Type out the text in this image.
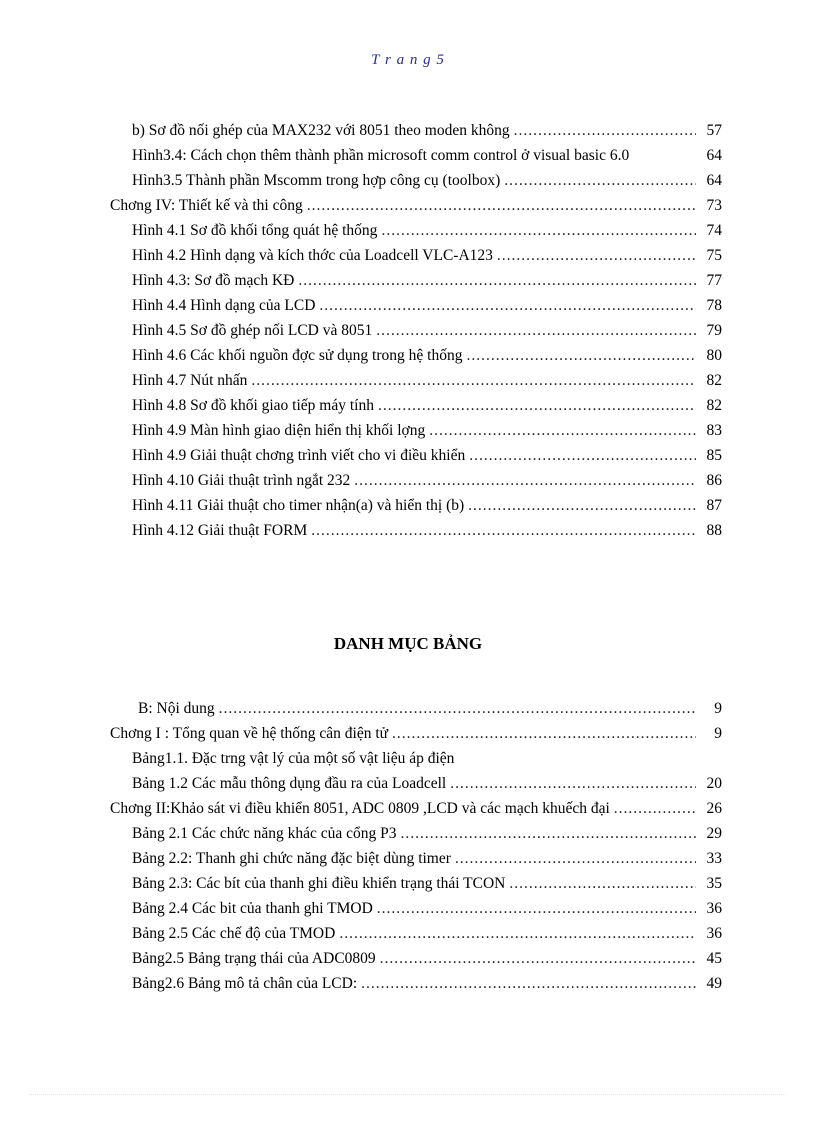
T r a n g 5
b) Sơ đồ nối ghép của MAX232 với 8051 theo moden không .....	57
Hình3.4: Cách chọn thêm thành phần microsoft comm control ở visual basic 6.0	64
Hình3.5 Thành phần Mscomm trong hợp công cụ (toolbox) .....	64
Chơng IV: Thiết kế và thi công .....	73
Hình 4.1 Sơ đồ khối tổng quát hệ thống .....	74
Hình 4.2 Hình dạng và kích thớc của Loadcell VLC-A123 .....	75
Hình 4.3: Sơ đồ mạch KĐ .....	77
Hình 4.4 Hình dạng của LCD .....	78
Hình 4.5 Sơ đồ ghép nối LCD và 8051 .....	79
Hình 4.6 Các khối nguồn đợc sử dụng trong hệ thống .....	80
Hình 4.7 Nút nhấn .....	82
Hình 4.8 Sơ đồ khối giao tiếp máy tính .....	82
Hình 4.9 Màn hình giao diện hiển thị khối lợng .....	83
Hình 4.9 Giải thuật chơng trình viết cho vi điều khiển .....	85
Hình 4.10 Giải thuật trình ngắt 232 .....	86
Hình 4.11 Giải thuật cho timer nhận(a) và hiển thị (b) .....	87
Hình 4.12 Giải thuật FORM .....	88
DANH MỤC BẢNG
B: Nội dung .....	9
Chơng I : Tổng quan về hệ thống cân điện tử .....	9
Bảng1.1. Đặc trng vật lý của một số vật liệu áp điện
Bảng 1.2 Các mẫu thông dụng đầu ra của Loadcell .....	20
Chơng II:Khảo sát vi điều khiển 8051, ADC 0809 ,LCD và các mạch khuếch đại .....	26
Bảng 2.1 Các chức năng khác của cổng P3 .....	29
Bảng 2.2: Thanh ghi chức năng đặc biệt dùng timer .....	33
Bảng 2.3: Các bít của thanh ghi điều khiển trạng thái TCON .....	35
Bảng 2.4 Các bit của thanh ghi TMOD .....	36
Bảng 2.5 Các chế độ của TMOD .....	36
Bảng2.5 Bảng trạng thái của ADC0809 .....	45
Bảng2.6 Bảng mô tả chân của LCD: .....	49
